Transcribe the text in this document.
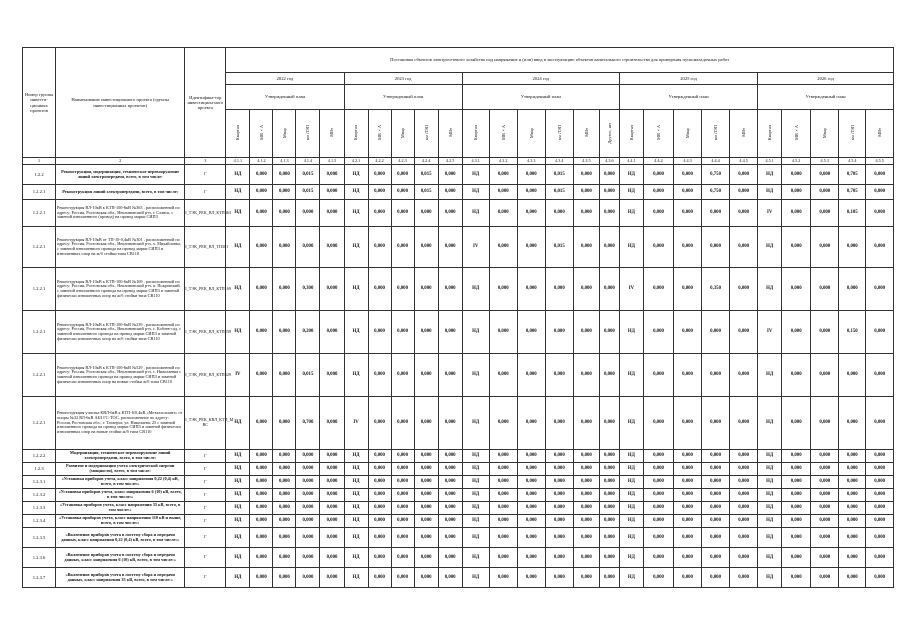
Номер группы инвести-ционных проектов	Наименование инвестиционного проекта (группы инвестиционных проектов)	Идентифика-тор инвестицион-ного проекта	Постановка объектов электросетевого хозяйства под напряжение и (или) ввод в эксплуатацию объектов капитального строительства для проведения пусконаладочных работ																									
			2022 год					2023 год					2024 год						2025 год					2026 год				
			Утвержденный план					Утвержденный план					Утвержденный план						Утвержденный план					Утвержденный план				
			Квартал	МВ×А	Мвар	км ЛЭП	МВт	Квартал	МВ×А	Мвар	км ЛЭП	МВт	Квартал	МВ×А	Мвар	км ЛЭП	МВт	Другое, шт	Квартал	МВ×А	Мвар	км ЛЭП	МВт	Квартал	МВ×А	Мвар	км ЛЭП	МВт
1	2	3	4.1.1	4.1.2	4.1.3	4.1.4	4.1.5	4.2.1	4.2.2	4.2.3	4.2.4	4.2.5	4.3.1	4.3.2	4.3.3	4.3.4	4.3.5	4.3.6	4.4.1	4.4.2	4.4.3	4.4.4	4.4.5	4.5.1	4.5.2	4.5.3	4.5.4	4.5.5
1.2.2	Реконструкция, модернизация, техническое перевооружение линий электропередачи, всего, в том числе:	Г	НД	0,000	0,000	0,015	0,000	НД	0,000	0,000	0,015	0,000	НД	0,000	0,000	0,015	0,000	0,000	НД	0,000	0,000	0,750	0,000	НД	0,000	0,000	0,705	0,000
1.2.2.1	Реконструкция линий электропередачи, всего, в том числе:	Г	НД	0,000	0,000	0,015	0,000	НД	0,000	0,000	0,015	0,000	НД	0,000	0,000	0,015	0,000	0,000	НД	0,000	0,000	0,750	0,000	НД	0,000	0,000	0,705	0,000
1.2.2.1	Реконструкция ВЛ-10кВ к КТП-100-6кВ №363 , расположенной по адресу: Россия, Ростовская обл., Неклиновский р-н, г. Славск, с заменой изношенного (провод) на провод марки СИП3	I_ТЭК_РЕК_ВЛ_КТП363	НД	0,000	0,000	0,000	0,000	НД	0,000	0,000	0,000	0,000	НД	0,000	0,000	0,000	0,000	0,000	НД	0,000	0,000	0,000	0,000	IV	0,000	0,000	0,105	0,000
1.2.2.1	Реконструкция ВЛ-10кВ от ТП-10-0,4кВ №301 , расположенной по адресу: Россия, Ростовская обл., Неклиновский р-н, х. Михайловка, с заменой изношенного провода на провод марки СИП3 и изношенных опор на ж/б стойки типа СВ110	I_ТЭК_РЕК_ВЛ_ТП301	НД	0,000	0,000	0,000	0,000	НД	0,000	0,000	0,000	0,000	IV	0,000	0,000	0,015	0,000	0,000	НД	0,000	0,000	0,000	0,000	НД	0,000	0,000	0,000	0,000
1.2.2.1	Реконструкция ВЛ-10кВ к КТП-100-6кВ №169 , расположенной по адресу: Россия, Ростовская обл., Неклиновский р-н, п. Покровский, с заменой изношенного провода на провод марки СИП3 и заменой физически изношенных опор на ж/б стойки типа СВ110	I_ТЭК_РЕК_ВЛ_КТП169	НД	0,000	0,000	0,300	0,000	НД	0,000	0,000	0,000	0,000	НД	0,000	0,000	0,000	0,000	0,000	IV	0,000	0,000	0,350	0,000	НД	0,000	0,000	0,000	0,000
1.2.2.1	Реконструкция ВЛ-10кВ к КТП-100-6кВ №239 , расположенной по адресу: Россия, Ростовская обл., Неклиновский р-н, с. Кобзев-сад, с заменой изношенного провода на провод марки СИП3 и заменой физически изношенных опор на ж/б стойки типа СВ110	I_ТЭК_РЕК_ВЛ_КТП239	НД	0,000	0,000	0,200	0,000	НД	0,000	0,000	0,000	0,000	НД	0,000	0,000	0,000	0,000	0,000	НД	0,000	0,000	0,000	0,000	IV	0,000	0,000	0,150	0,000
1.2.2.1	Реконструкция ВЛ-10кВ к КТП-100-6кВ №529 , расположенной по адресу: Россия, Ростовская обл., Неклиновский р-н, с. Николаевка с заменой изношенного провода на провод марки СИП3 и заменой физически изношенных опор на новые стойки ж/б типа СВ110	I_ТЭК_РЕК_ВЛ_КТП529	IV	0,000	0,000	0,015	0,000	НД	0,000	0,000	0,000	0,000	НД	0,000	0,000	0,000	0,000	0,000	НД	0,000	0,000	0,000	0,000	НД	0,000	0,000	0,000	0,000
1.2.2.1	Реконструкция участка КВЛ-6кВ к КТП-6/0,4кВ «Металлоплант» от опоры №32 ВЛ-6кВ АБЗ ГС-ТОС, расположенное по адресу: Россия, Ростовская обл., г. Таганрог, ул. Николаева, 25 с заменой изношенного провода на провод марки СИП3 и заменой физически изношенных опор на новые стойки ж/б типа СВ110	I_ТЭК_РЕК_КВЛ_КТП_М ВС	НД	0,000	0,000	0,700	0,000	IV	0,000	0,000	0,000	0,000	НД	0,000	0,000	0,000	0,000	0,000	НД	0,000	0,000	0,000	0,000	НД	0,000	0,000	0,000	0,000
1.2.2.2	Модернизация, техническое перевооружение линий электропередачи, всего, в том числе:	Г	НД	0,000	0,000	0,000	0,000	НД	0,000	0,000	0,000	0,000	НД	0,000	0,000	0,000	0,000	0,000	НД	0,000	0,000	0,000	0,000	НД	0,000	0,000	0,000	0,000
1.2.3	Развитие и модернизация учета электрической энергии (мощности), всего, в том числе:	Г	НД	0,000	0,000	0,000	0,000	НД	0,000	0,000	0,000	0,000	НД	0,000	0,000	0,000	0,000	0,000	НД	0,000	0,000	0,000	0,000	НД	0,000	0,000	0,000	0,000
1.2.3.1	«Установка приборов учета, класс напряжения 0,22 (0,4) кВ, всего, в том числе:»	Г	НД	0,000	0,000	0,000	0,000	НД	0,000	0,000	0,000	0,000	НД	0,000	0,000	0,000	0,000	0,000	НД	0,000	0,000	0,000	0,000	НД	0,000	0,000	0,000	0,000
1.2.3.2	«Установка приборов учета, класс напряжения 6 (10) кВ, всего, в том числе:»	Г	НД	0,000	0,000	0,000	0,000	НД	0,000	0,000	0,000	0,000	НД	0,000	0,000	0,000	0,000	0,000	НД	0,000	0,000	0,000	0,000	НД	0,000	0,000	0,000	0,000
1.2.3.3	«Установка приборов учета, класс напряжения 35 кВ, всего, в том числе:»	Г	НД	0,000	0,000	0,000	0,000	НД	0,000	0,000	0,000	0,000	НД	0,000	0,000	0,000	0,000	0,000	НД	0,000	0,000	0,000	0,000	НД	0,000	0,000	0,000	0,000
1.2.3.4	«Установка приборов учета, класс напряжения 110 кВ и выше, всего, в том числе:»	Г	НД	0,000	0,000	0,000	0,000	НД	0,000	0,000	0,000	0,000	НД	0,000	0,000	0,000	0,000	0,000	НД	0,000	0,000	0,000	0,000	НД	0,000	0,000	0,000	0,000
1.2.3.5	«Включение приборов учета в систему сбора и передачи данных, класс напряжения 0,22 (0,4) кВ, всего, в том числе:»	Г	НД	0,000	0,000	0,000	0,000	НД	0,000	0,000	0,000	0,000	НД	0,000	0,000	0,000	0,000	0,000	НД	0,000	0,000	0,000	0,000	НД	0,000	0,000	0,000	0,000
1.2.3.6	«Включение приборов учета в систему сбора и передачи данных, класс напряжения 6 (10) кВ, всего, в том числе:»	Г	НД	0,000	0,000	0,000	0,000	НД	0,000	0,000	0,000	0,000	НД	0,000	0,000	0,000	0,000	0,000	НД	0,000	0,000	0,000	0,000	НД	0,000	0,000	0,000	0,000
1.2.3.7	«Включение приборов учета в систему сбора и передачи данных, класс напряжения 35 кВ, всего, в том числе:»	Г	НД	0,000	0,000	0,000	0,000	НД	0,000	0,000	0,000	0,000	НД	0,000	0,000	0,000	0,000	0,000	НД	0,000	0,000	0,000	0,000	НД	0,000	0,000	0,000	0,000
